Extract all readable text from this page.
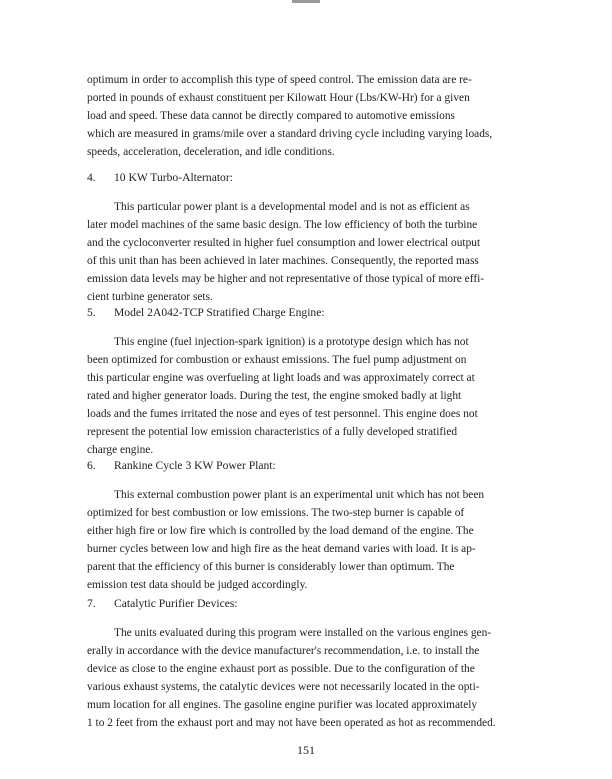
optimum in order to accomplish this type of speed control. The emission data are re-
ported in pounds of exhaust constituent per Kilowatt Hour (Lbs/KW-Hr) for a given
load and speed. These data cannot be directly compared to automotive emissions
which are measured in grams/mile over a standard driving cycle including varying loads,
speeds, acceleration, deceleration, and idle conditions.
4. 10 KW Turbo-Alternator:
This particular power plant is a developmental model and is not as efficient as
later model machines of the same basic design. The low efficiency of both the turbine
and the cycloconverter resulted in higher fuel consumption and lower electrical output
of this unit than has been achieved in later machines. Consequently, the reported mass
emission data levels may be higher and not representative of those typical of more effi-
cient turbine generator sets.
5. Model 2A042-TCP Stratified Charge Engine:
This engine (fuel injection-spark ignition) is a prototype design which has not
been optimized for combustion or exhaust emissions. The fuel pump adjustment on
this particular engine was overfueling at light loads and was approximately correct at
rated and higher generator loads. During the test, the engine smoked badly at light
loads and the fumes irritated the nose and eyes of test personnel. This engine does not
represent the potential low emission characteristics of a fully developed stratified
charge engine.
6. Rankine Cycle 3 KW Power Plant:
This external combustion power plant is an experimental unit which has not been
optimized for best combustion or low emissions. The two-step burner is capable of
either high fire or low fire which is controlled by the load demand of the engine. The
burner cycles between low and high fire as the heat demand varies with load. It is ap-
parent that the efficiency of this burner is considerably lower than optimum. The
emission test data should be judged accordingly.
7. Catalytic Purifier Devices:
The units evaluated during this program were installed on the various engines gen-
erally in accordance with the device manufacturer's recommendation, i.e. to install the
device as close to the engine exhaust port as possible. Due to the configuration of the
various exhaust systems, the catalytic devices were not necessarily located in the opti-
mum location for all engines. The gasoline engine purifier was located approximately
1 to 2 feet from the exhaust port and may not have been operated as hot as recommended.
151
